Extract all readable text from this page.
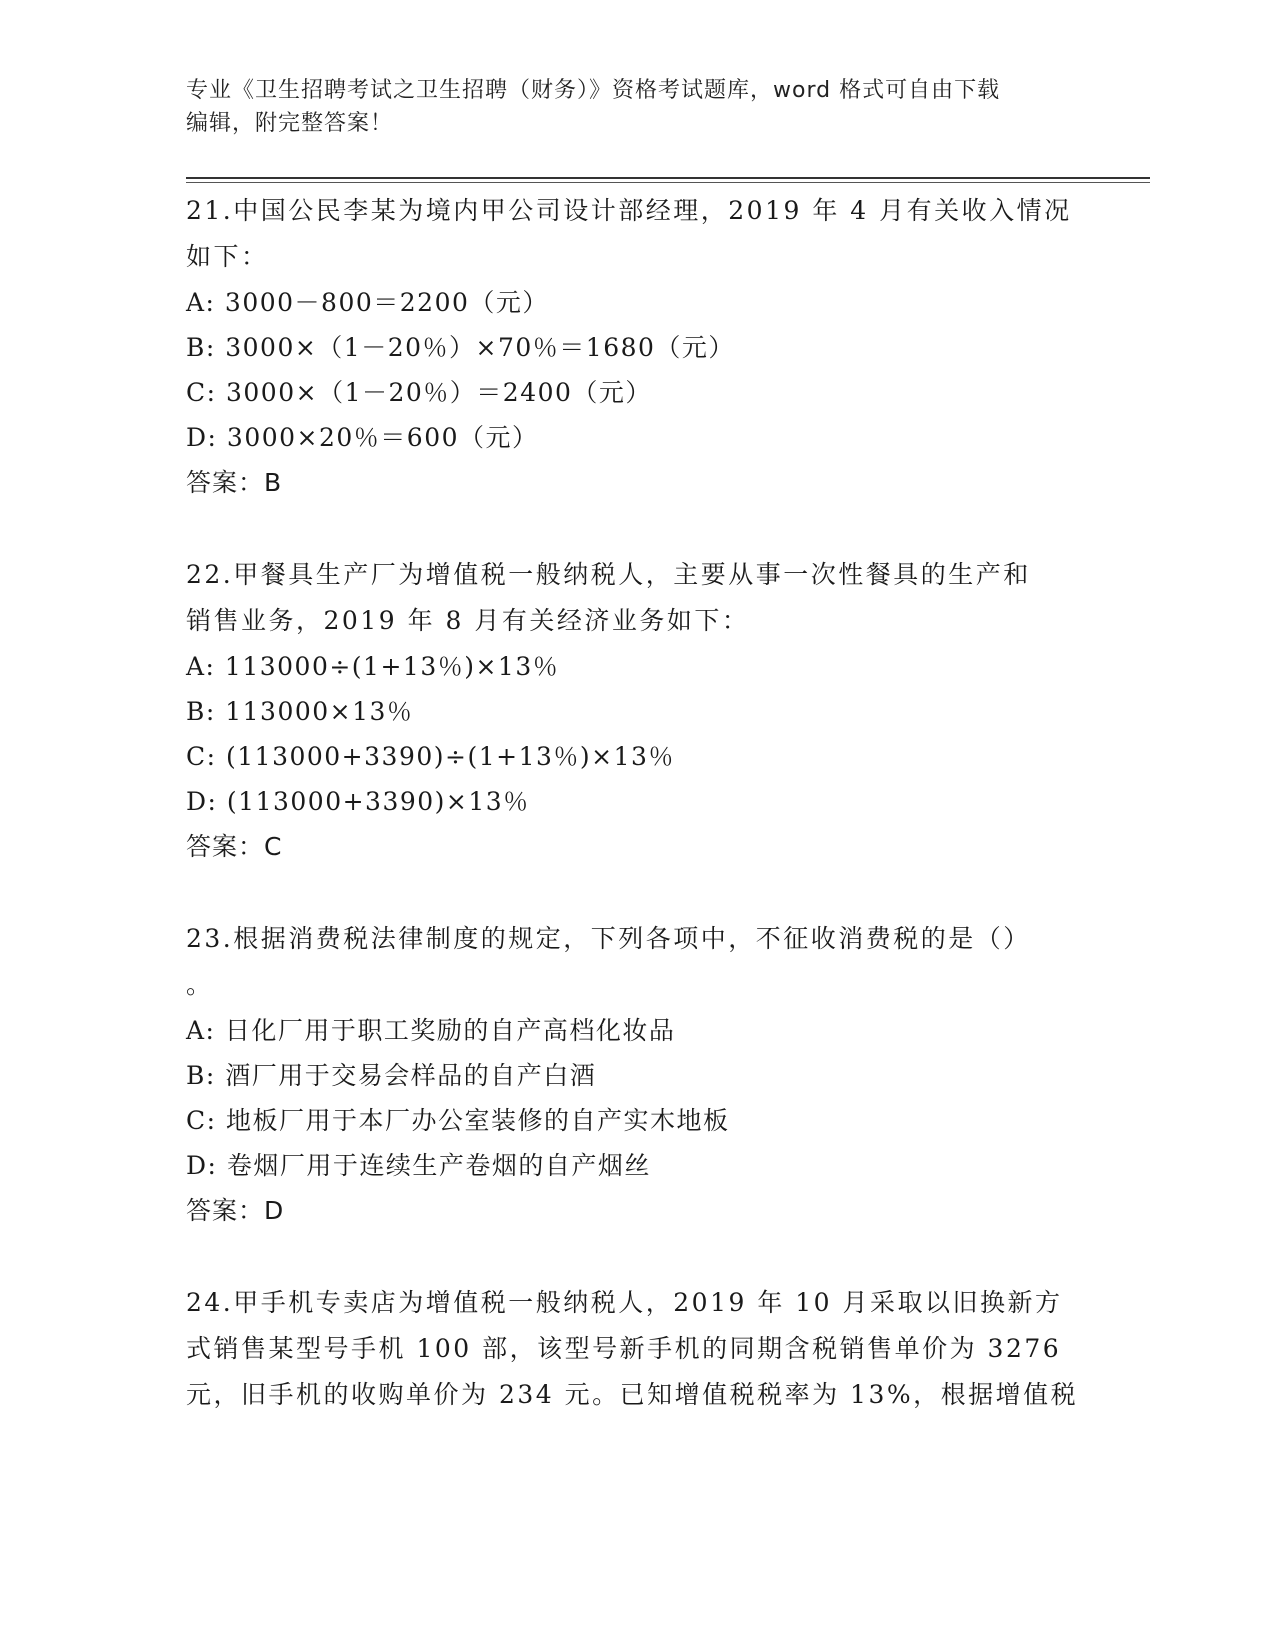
专业《卫生招聘考试之卫生招聘（财务）》资格考试题库，word 格式可自由下载
编辑，附完整答案！

21.中国公民李某为境内甲公司设计部经理，2019 年 4 月有关收入情况
如下：

A: 3000－800＝2200（元）

B: 3000×（1－20％）×70％＝1680（元）

C: 3000×（1－20％）＝2400（元）

D: 3000×20％＝600（元）

答案：B

22.甲餐具生产厂为增值税一般纳税人，主要从事一次性餐具的生产和
销售业务，2019 年 8 月有关经济业务如下：

A: 113000÷(1+13％)×13％

B: 113000×13％

C: (113000+3390)÷(1+13％)×13％

D: (113000+3390)×13％

答案：C

23.根据消费税法律制度的规定，下列各项中，不征收消费税的是（）
。

A: 日化厂用于职工奖励的自产高档化妆品

B: 酒厂用于交易会样品的自产白酒

C: 地板厂用于本厂办公室装修的自产实木地板

D: 卷烟厂用于连续生产卷烟的自产烟丝

答案：D

24.甲手机专卖店为增值税一般纳税人，2019 年 10 月采取以旧换新方
式销售某型号手机 100 部，该型号新手机的同期含税销售单价为 3276
元，旧手机的收购单价为 234 元。已知增值税税率为 13%，根据增值税
